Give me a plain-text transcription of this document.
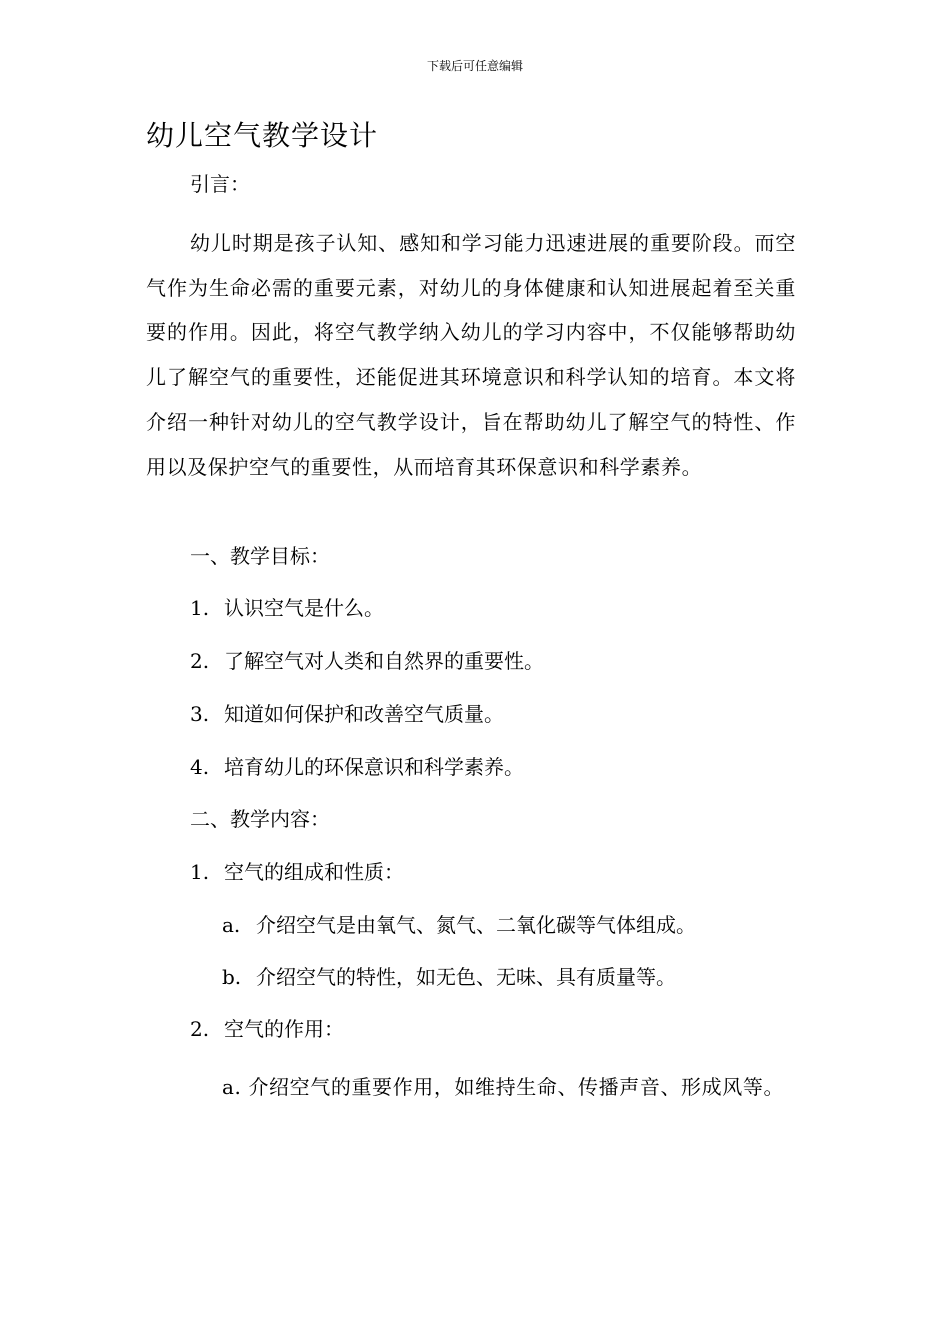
下载后可任意编辑
幼儿空气教学设计

引言：

幼儿时期是孩子认知、感知和学习能力迅速进展的重要阶段。而空气作为生命必需的重要元素，对幼儿的身体健康和认知进展起着至关重要的作用。因此，将空气教学纳入幼儿的学习内容中，不仅能够帮助幼儿了解空气的重要性，还能促进其环境意识和科学认知的培育。本文将介绍一种针对幼儿的空气教学设计，旨在帮助幼儿了解空气的特性、作用以及保护空气的重要性，从而培育其环保意识和科学素养。

一、教学目标：

1. 认识空气是什么。

2. 了解空气对人类和自然界的重要性。

3. 知道如何保护和改善空气质量。

4. 培育幼儿的环保意识和科学素养。

二、教学内容：

1. 空气的组成和性质：

a. 介绍空气是由氧气、氮气、二氧化碳等气体组成。

b. 介绍空气的特性，如无色、无味、具有质量等。

2. 空气的作用：

a. 介绍空气的重要作用，如维持生命、传播声音、形成风等。
